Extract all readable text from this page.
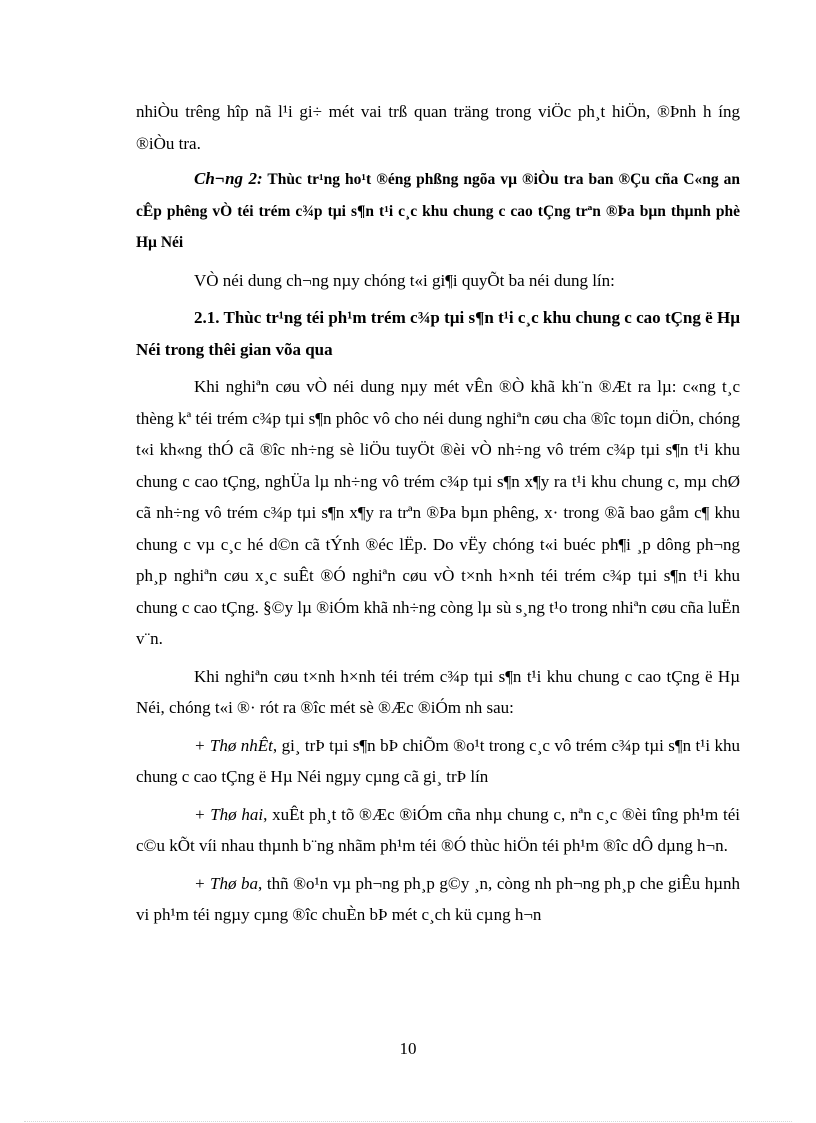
nhiÒu trêng hîp nã l¹i gi÷ mét vai trß quan träng trong viÖc ph¸t hiÖn, ®Þnh h íng ®iÒu tra.

Ch¬ng 2: Thùc tr¹ng ho¹t ®éng phßng ngõa vµ ®iÒu tra ban ®Çu cña C«ng an cÊp phêng vÒ téi trém c¾p tµi s¶n t¹i c¸c khu chung c cao tÇng trªn ®Þa bµn thµnh phè Hµ Néi

VÒ néi dung ch¬ng nµy chóng t«i gi¶i quyÕt ba néi dung lín:

2.1. Thùc tr¹ng téi ph¹m trém c¾p tµi s¶n t¹i c¸c khu chung c cao tÇng ë Hµ Néi trong thêi gian võa qua

Khi nghiªn cøu vÒ néi dung nµy mét vÊn ®Ò khã kh¨n ®Æt ra lµ: c«ng t¸c thèng kª téi trém c¾p tµi s¶n phôc vô cho néi dung nghiªn cøu cha ®îc toµn diÖn, chóng t«i kh«ng thÓ cã ®îc nh÷ng sè liÖu tuyÖt ®èi vÒ nh÷ng vô trém c¾p tµi s¶n t¹i khu chung c cao tÇng, nghÜa lµ nh÷ng vô trém c¾p tµi s¶n x¶y ra t¹i khu chung c, mµ chØ cã nh÷ng vô trém c¾p tµi s¶n x¶y ra trªn ®Þa bµn phêng, x· trong ®ã bao gåm c¶ khu chung c vµ c¸c hé d©n cã tÝnh ®éc lËp. Do vËy chóng t«i buéc ph¶i ¸p dông ph¬ng ph¸p nghiªn cøu x¸c suÊt ®Ó nghiªn cøu vÒ t×nh h×nh téi trém c¾p tµi s¶n t¹i khu chung c cao tÇng. §©y lµ ®iÓm khã nh÷ng còng lµ sù s¸ng t¹o trong nhiªn cøu cña luËn v¨n.

Khi nghiªn cøu t×nh h×nh téi trém c¾p tµi s¶n t¹i khu chung c cao tÇng ë Hµ Néi, chóng t«i ®· rót ra ®îc mét sè ®Æc ®iÓm nh sau:

+ Thø nhÊt, gi¸ trÞ tµi s¶n bÞ chiÕm ®o¹t trong c¸c vô trém c¾p tµi s¶n t¹i khu chung c cao tÇng ë Hµ Néi ngµy cµng cã gi¸ trÞ lín

+ Thø hai, xuÊt ph¸t tõ ®Æc ®iÓm cña nhµ chung c, nªn c¸c ®èi tîng ph¹m téi c©u kÕt víi nhau thµnh b¨ng nhãm ph¹m téi ®Ó thùc hiÖn téi ph¹m ®îc dÔ dµng h¬n.

+ Thø ba, thñ ®o¹n vµ ph¬ng ph¸p g©y ¸n, còng nh ph¬ng ph¸p che giÊu hµnh vi ph¹m téi ngµy cµng ®îc chuÈn bÞ mét c¸ch kü cµng h¬n

10
